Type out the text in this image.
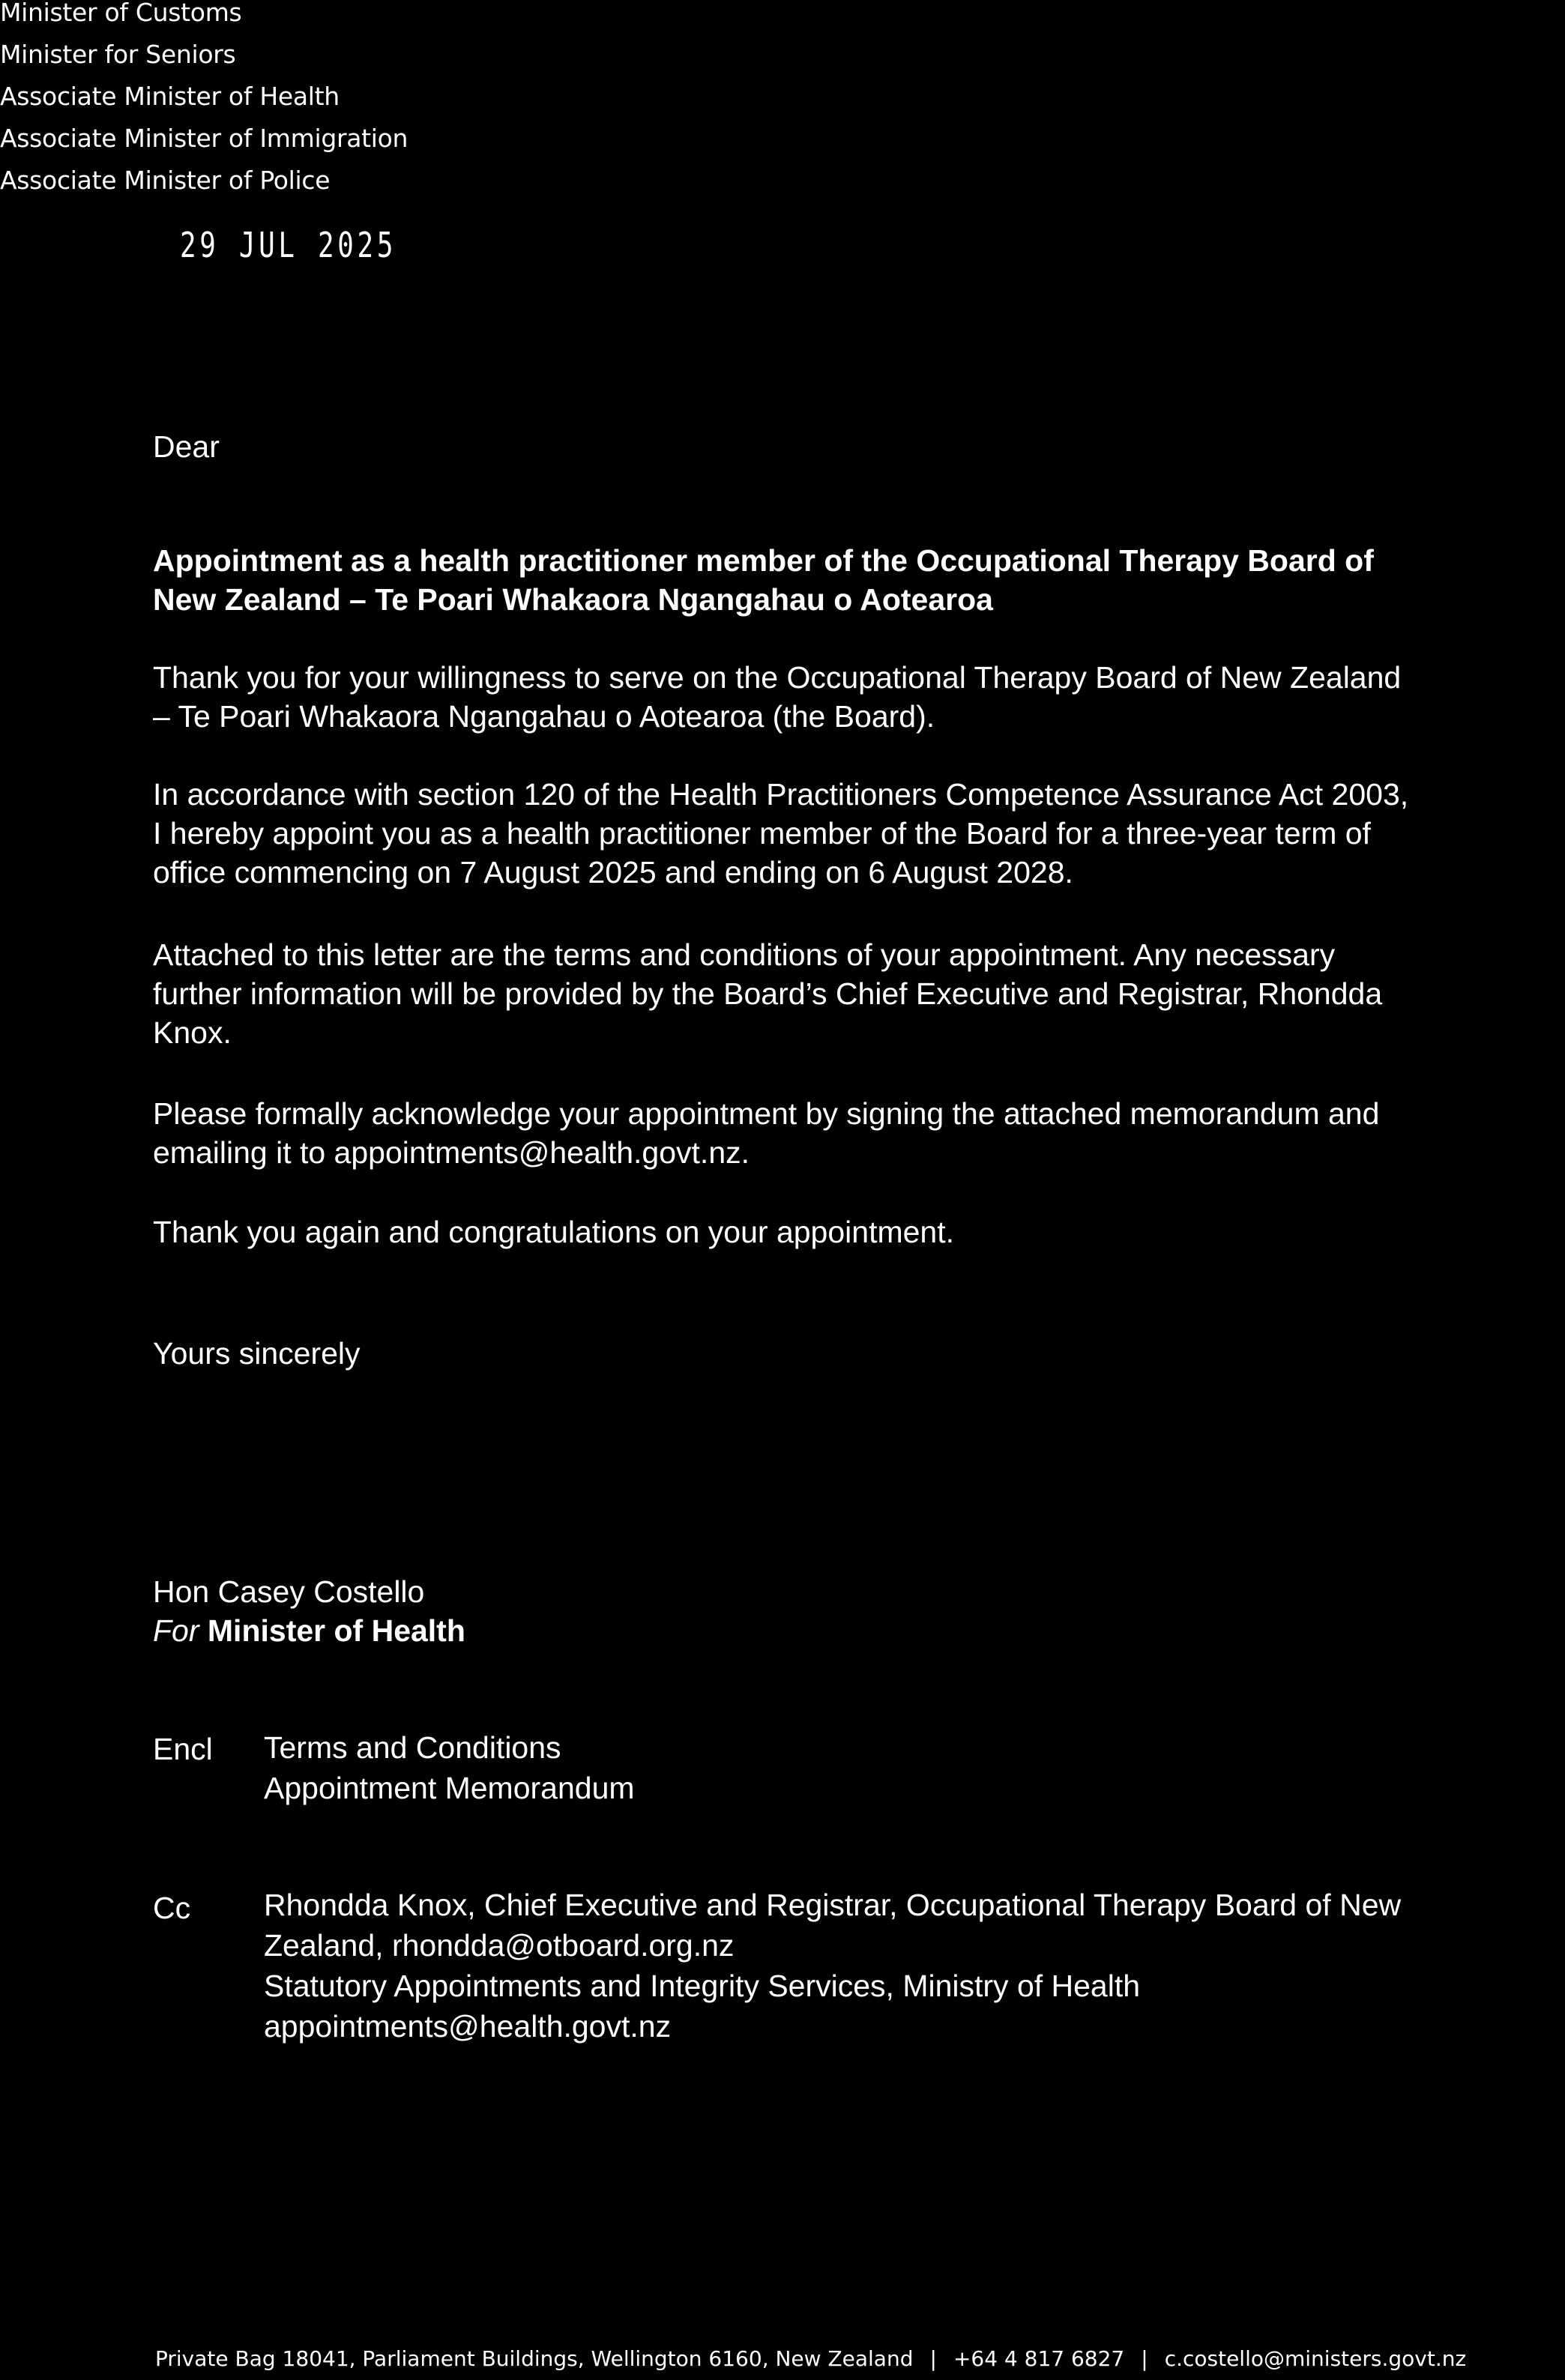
Minister of Customs
Minister for Seniors
Associate Minister of Health
Associate Minister of Immigration
Associate Minister of Police
29 JUL 2025
Dear
Appointment as a health practitioner member of the Occupational Therapy Board of
New Zealand – Te Poari Whakaora Ngangahau o Aotearoa
Thank you for your willingness to serve on the Occupational Therapy Board of New Zealand
– Te Poari Whakaora Ngangahau o Aotearoa (the Board).
In accordance with section 120 of the Health Practitioners Competence Assurance Act 2003,
I hereby appoint you as a health practitioner member of the Board for a three-year term of
office commencing on 7 August 2025 and ending on 6 August 2028.
Attached to this letter are the terms and conditions of your appointment. Any necessary
further information will be provided by the Board’s Chief Executive and Registrar, Rhondda
Knox.
Please formally acknowledge your appointment by signing the attached memorandum and
emailing it to appointments@health.govt.nz.
Thank you again and congratulations on your appointment.
Yours sincerely
Hon Casey Costello
For Minister of Health
Encl Terms and Conditions
Appointment Memorandum
Cc Rhondda Knox, Chief Executive and Registrar, Occupational Therapy Board of New
Zealand, rhondda@otboard.org.nz
Statutory Appointments and Integrity Services, Ministry of Health
appointments@health.govt.nz
Private Bag 18041, Parliament Buildings, Wellington 6160, New Zealand | +64 4 817 6827 | c.costello@ministers.govt.nz
